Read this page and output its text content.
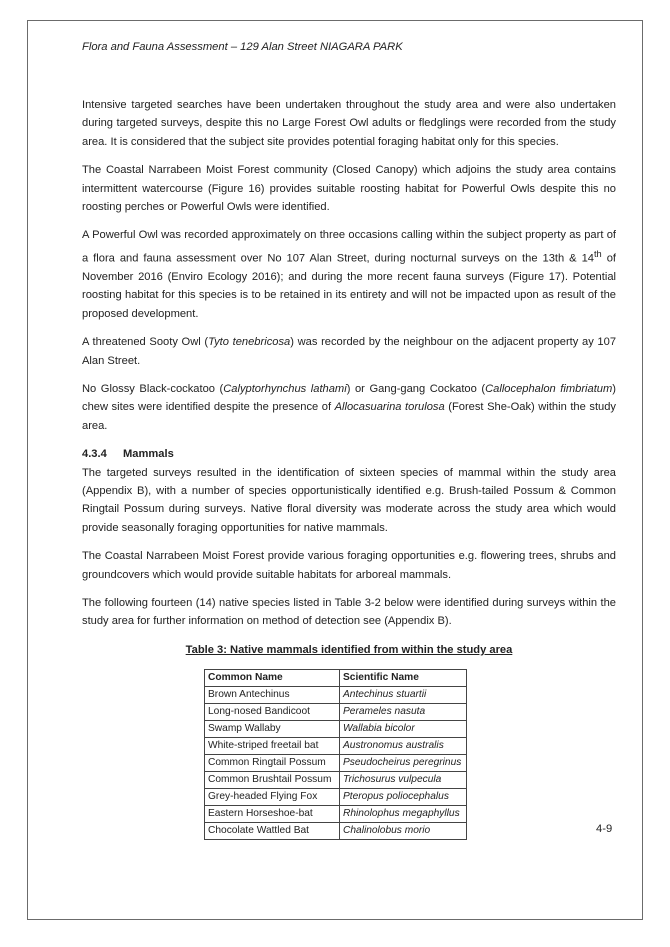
Flora and Fauna Assessment – 129 Alan Street NIAGARA PARK

Intensive targeted searches have been undertaken throughout the study area and were also undertaken during targeted surveys, despite this no Large Forest Owl adults or fledglings were recorded from the study area. It is considered that the subject site provides potential foraging habitat only for this species.

The Coastal Narrabeen Moist Forest community (Closed Canopy) which adjoins the study area contains intermittent watercourse (Figure 16) provides suitable roosting habitat for Powerful Owls despite this no roosting perches or Powerful Owls were identified.

A Powerful Owl was recorded approximately on three occasions calling within the subject property as part of a flora and fauna assessment over No 107 Alan Street, during nocturnal surveys on the 13th & 14th of November 2016 (Enviro Ecology 2016); and during the more recent fauna surveys (Figure 17). Potential roosting habitat for this species is to be retained in its entirety and will not be impacted upon as result of the proposed development.

A threatened Sooty Owl (Tyto tenebricosa) was recorded by the neighbour on the adjacent property ay 107 Alan Street.

No Glossy Black-cockatoo (Calyptorhynchus lathami) or Gang-gang Cockatoo (Callocephalon fimbriatum) chew sites were identified despite the presence of Allocasuarina torulosa (Forest She-Oak) within the study area.

4.3.4 Mammals

The targeted surveys resulted in the identification of sixteen species of mammal within the study area (Appendix B), with a number of species opportunistically identified e.g. Brush-tailed Possum & Common Ringtail Possum during surveys. Native floral diversity was moderate across the study area which would provide seasonally foraging opportunities for native mammals.

The Coastal Narrabeen Moist Forest provide various foraging opportunities e.g. flowering trees, shrubs and groundcovers which would provide suitable habitats for arboreal mammals.

The following fourteen (14) native species listed in Table 3-2 below were identified during surveys within the study area for further information on method of detection see (Appendix B).

Table 3: Native mammals identified from within the study area
Common Name	Scientific Name
Brown Antechinus	Antechinus stuartii
Long-nosed Bandicoot	Perameles nasuta
Swamp Wallaby	Wallabia bicolor
White-striped freetail bat	Austronomus australis
Common Ringtail Possum	Pseudocheirus peregrinus
Common Brushtail Possum	Trichosurus vulpecula
Grey-headed Flying Fox	Pteropus poliocephalus
Eastern Horseshoe-bat	Rhinolophus megaphyllus
Chocolate Wattled Bat	Chalinolobus morio	4-9
